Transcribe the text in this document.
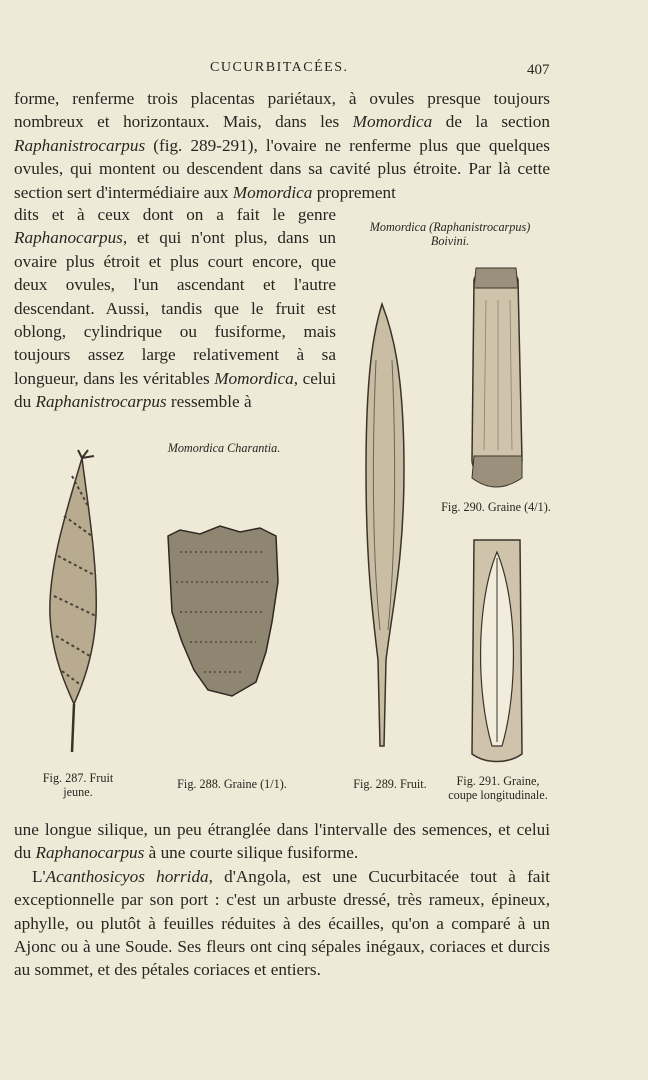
CUCURBITACÉES.	407

forme, renferme trois placentas pariétaux, à ovules presque toujours nombreux et horizontaux. Mais, dans les Momordica de la section Raphanistrocarpus (fig. 289-291), l'ovaire ne renferme plus que quelques ovules, qui montent ou descendent dans sa cavité plus étroite. Par là cette section sert d'intermédiaire aux Momordica proprement

dits et à ceux dont on a fait le genre Raphanocarpus, et qui n'ont plus, dans un ovaire plus étroit et plus court encore, que deux ovules, l'un ascendant et l'autre descendant. Aussi, tandis que le fruit est oblong, cylindrique ou fusiforme, mais toujours assez large relativement à sa longueur, dans les véritables Momordica, celui du Raphanistrocarpus ressemble à

Momordica (Raphanistrocarpus)
Boivini.
Momordica Charantia.
Fig. 290. Graine (4/1).
Fig. 287. Fruit
jeune.
Fig. 288. Graine (1/1).	Fig. 289. Fruit.	Fig. 291. Graine,
coupe longitudinale.

une longue silique, un peu étranglée dans l'intervalle des semences, et celui du Raphanocarpus à une courte silique fusiforme.

L'Acanthosicyos horrida, d'Angola, est une Cucurbitacée tout à fait exceptionnelle par son port : c'est un arbuste dressé, très rameux, épineux, aphylle, ou plutôt à feuilles réduites à des écailles, qu'on a comparé à un Ajonc ou à une Soude. Ses fleurs ont cinq sépales inégaux, coriaces et durcis au sommet, et des pétales coriaces et entiers.
